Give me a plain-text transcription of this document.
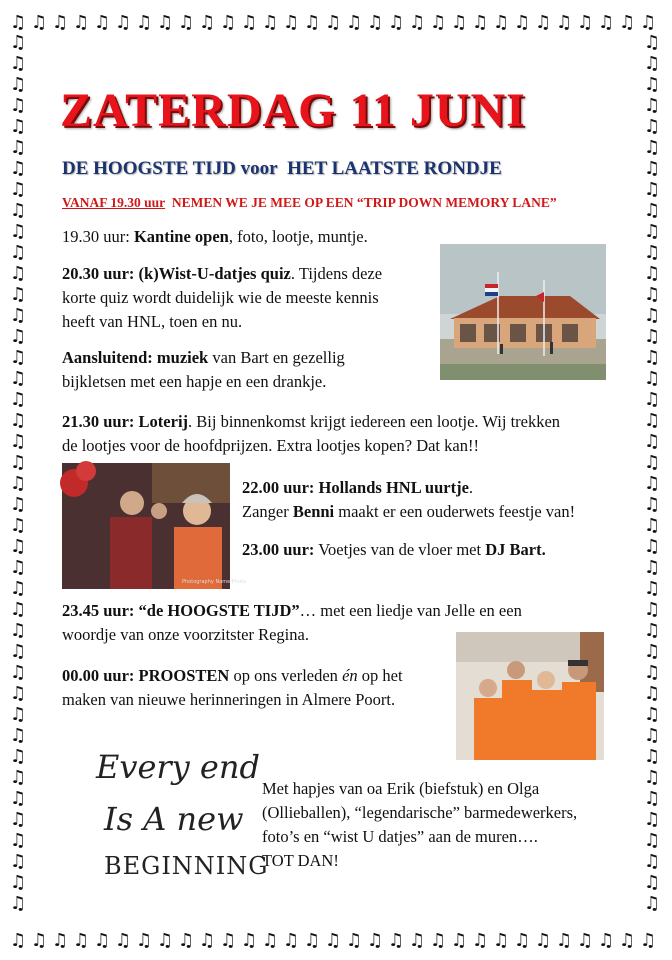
♫
♫
♫
♫
♫
♫
♫
♫
♫
♫
♫
♫
♫
♫
♫
♫
♫
♫
♫
♫
♫
♫
♫
♫
♫
♫
♫
♫
♫
♫
♫
♫
♫
♫
♫
♫
♫
♫
♫
♫
♫
♫
♫
♫
♫
♫
♫
♫
♫
♫
♫
♫
♫
♫
♫
♫
♫
♫
♫
♫
♫
♫
♫	♫
♫	♫
♫	♫
♫	♫
♫	♫
♫	♫
♫	♫
♫	♫
♫	♫
♫	♫
♫	♫
♫	♫
♫	♫
♫	♫
♫	♫
♫	♫
♫	♫
♫	♫
♫	♫
♫	♫
♫	♫
♫	♫
♫	♫
♫	♫
♫	♫
♫	♫
♫	♫
♫	♫
♫	♫
♫	♫
♫	♫
♫	♫
♫	♫
♫	♫
♫	♫
♫	♫
♫	♫
♫	♫
♫	♫
♫	♫
♫	♫
♫	♫
ZATERDAG 11 JUNI
DE HOOGSTE TIJD voor HET LAATSTE RONDJE
VANAF 19.30 uur NEMEN WE JE MEE OP EEN “TRIP DOWN MEMORY LANE”
19.30 uur: Kantine open, foto, lootje, muntje.
20.30 uur: (k)Wist-U-datjes quiz. Tijdens deze
korte quiz wordt duidelijk wie de meeste kennis
heeft van HNL, toen en nu.
Aansluitend: muziek van Bart en gezellig
bijkletsen met een hapje en een drankje.
21.30 uur: Loterij. Bij binnenkomst krijgt iedereen een lootje. Wij trekken
de lootjes voor de hoofdprijzen. Extra lootjes kopen? Dat kan!!
Photography Name Photo
22.00 uur: Hollands HNL uurtje.
Zanger Benni maakt er een ouderwets feestje van!
23.00 uur: Voetjes van de vloer met DJ Bart.
23.45 uur: “de HOOGSTE TIJD”… met een liedje van Jelle en een
woordje van onze voorzitster Regina.
00.00 uur: PROOSTEN op ons verleden én op het
maken van nieuwe herinneringen in Almere Poort.
Every end
Is A new
BEGINNING
Met hapjes van oa Erik (biefstuk) en Olga
(Ollieballen), “legendarische” barmedewerkers,
foto’s en “wist U datjes” aan de muren….
TOT DAN!
